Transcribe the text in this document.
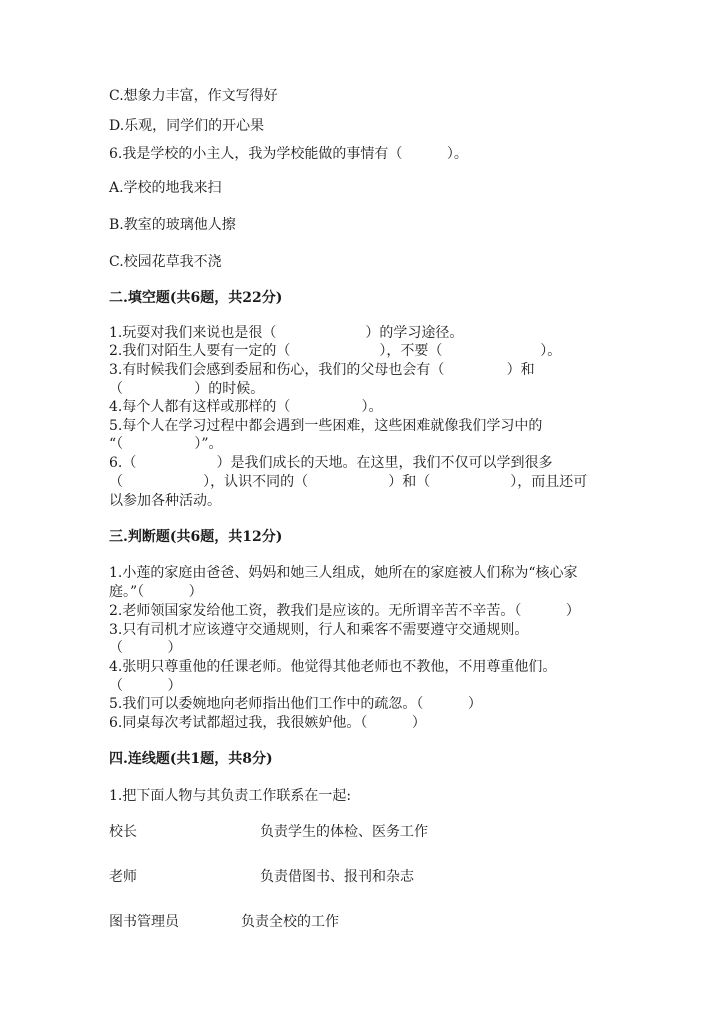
C.想象力丰富，作文写得好
D.乐观，同学们的开心果
6.我是学校的小主人，我为学校能做的事情有（          ）。
A.学校的地我来扫
B.教室的玻璃他人擦
C.校园花草我不浇
二.填空题(共6题，共22分)
1.玩耍对我们来说也是很（                    ）的学习途径。
2.我们对陌生人要有一定的（                    ），不要（                      ）。
3.有时候我们会感到委屈和伤心，我们的父母也会有（              ）和
（                ）的时候。
4.每个人都有这样或那样的（                ）。
5.每个人在学习过程中都会遇到一些困难，这些困难就像我们学习中的
“（                ）”。
6.（                  ）是我们成长的天地。在这里，我们不仅可以学到很多
（                  ），认识不同的（                  ）和（                  ），而且还可
以参加各种活动。
三.判断题(共6题，共12分)
1.小莲的家庭由爸爸、妈妈和她三人组成，她所在的家庭被人们称为“核心家
庭。”（          ）
2.老师领国家发给他工资，教我们是应该的。无所谓辛苦不辛苦。（          ）
3.只有司机才应该遵守交通规则，行人和乘客不需要遵守交通规则。
（          ）
4.张明只尊重他的任课老师。他觉得其他老师也不教他，不用尊重他们。
（          ）
5.我们可以委婉地向老师指出他们工作中的疏忽。（          ）
6.同桌每次考试都超过我，我很嫉妒他。（          ）
四.连线题(共1题，共8分)
1.把下面人物与其负责工作联系在一起:
校长	负责学生的体检、医务工作
老师	负责借图书、报刊和杂志
图书管理员	负责全校的工作
